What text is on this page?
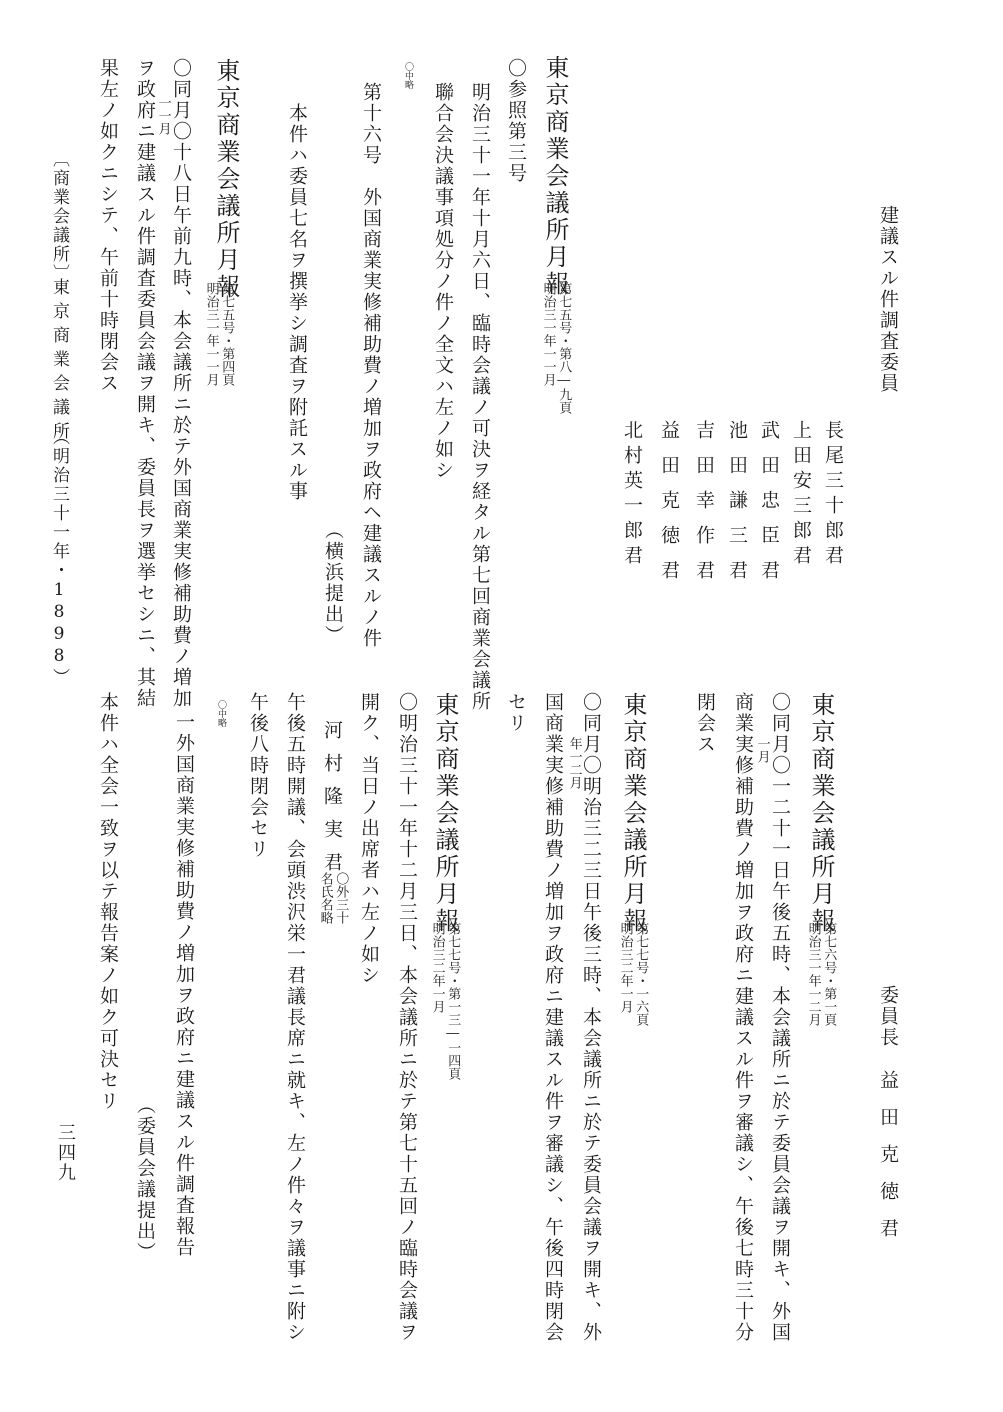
建議スル件調査委員
長尾三十郎君
上田安三郎君
武田忠臣君
池田謙三君
吉田幸作君
益田克徳君
北村英一郎君
東京商業会議所月報
第七五号・第八―九頁
明治三一年一一月
〇参照第三号
明治三十一年十月六日、臨時会議ノ可決ヲ経タル第七回商業会議所
聯合会決議事項処分ノ件ノ全文ハ左ノ如シ
〇中略
第十六号　外国商業実修補助費ノ増加ヲ政府ヘ建議スルノ件
（横浜提出）
本件ハ委員七名ヲ撰挙シ調査ヲ附託スル事
東京商業会議所月報
第七五号・第四頁
明治三一年一一月
〇同月〇十八日午前九時、本会議所ニ於テ外国商業実修補助費ノ増加
一一月
ヲ政府ニ建議スル件調査委員会議ヲ開キ、委員長ヲ選挙セシニ、其結
果左ノ如クニシテ、午前十時閉会ス
〔商業会議所〕
東京商業会議所
（明治三十一年・1898）
委員長
益田克徳君
東京商業会議所月報
第七六号・第一頁
明治三一年一二月
〇同月〇一二十一日午後五時、本会議所ニ於テ委員会議ヲ開キ、外国
一月
商業実修補助費ノ増加ヲ政府ニ建議スル件ヲ審議シ、午後七時三十分
閉会ス
東京商業会議所月報
第七七号・一六頁
明治三二年一月
〇同月〇明治三二三日午後三時、本会議所ニ於テ委員会議ヲ開キ、外
年一二月
国商業実修補助費ノ増加ヲ政府ニ建議スル件ヲ審議シ、午後四時閉会
セリ
東京商業会議所月報
第七七号・第一三―一四頁
明治三二年一月
〇明治三十一年十二月三日、本会議所ニ於テ第七十五回ノ臨時会議ヲ
開ク、当日ノ出席者ハ左ノ如シ
河村隆実君
〇外三十
名氏名略
午後五時開議、会頭渋沢栄一君議長席ニ就キ、左ノ件々ヲ議事ニ附シ
午後八時閉会セリ
〇中略
一外国商業実修補助費ノ増加ヲ政府ニ建議スル件調査報告
（委員会議提出）
本件ハ全会一致ヲ以テ報告案ノ如ク可決セリ
三四九
